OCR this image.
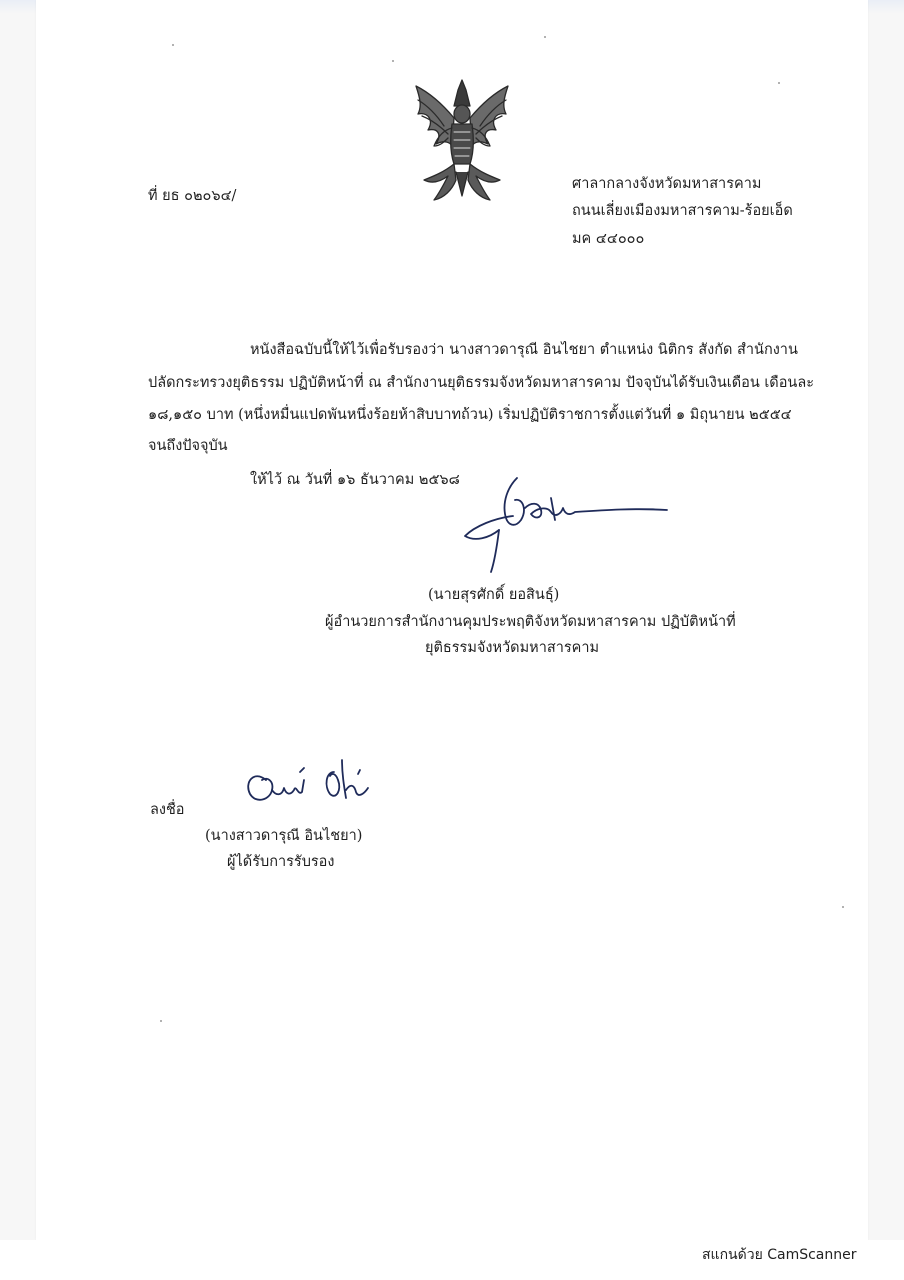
ที่ ยธ ๐๒๐๖๔/
ศาลากลางจังหวัดมหาสารคาม
ถนนเลี่ยงเมืองมหาสารคาม-ร้อยเอ็ด
มค ๔๔๐๐๐
หนังสือฉบับนี้ให้ไว้เพื่อรับรองว่า นางสาวดารุณี อินไชยา ตำแหน่ง นิติกร สังกัด สำนักงาน
ปลัดกระทรวงยุติธรรม ปฏิบัติหน้าที่ ณ สำนักงานยุติธรรมจังหวัดมหาสารคาม ปัจจุบันได้รับเงินเดือน เดือนละ
๑๘,๑๕๐ บาท (หนึ่งหมื่นแปดพันหนึ่งร้อยห้าสิบบาทถ้วน) เริ่มปฏิบัติราชการตั้งแต่วันที่ ๑ มิถุนายน ๒๕๕๔
จนถึงปัจจุบัน
ให้ไว้ ณ วันที่ ๑๖ ธันวาคม ๒๕๖๘
(นายสุรศักดิ์ ยอสินธุ์)
ผู้อำนวยการสำนักงานคุมประพฤติจังหวัดมหาสารคาม ปฏิบัติหน้าที่
ยุติธรรมจังหวัดมหาสารคาม
ลงชื่อ
(นางสาวดารุณี อินไชยา)
ผู้ได้รับการรับรอง
สแกนด้วย CamScanner
